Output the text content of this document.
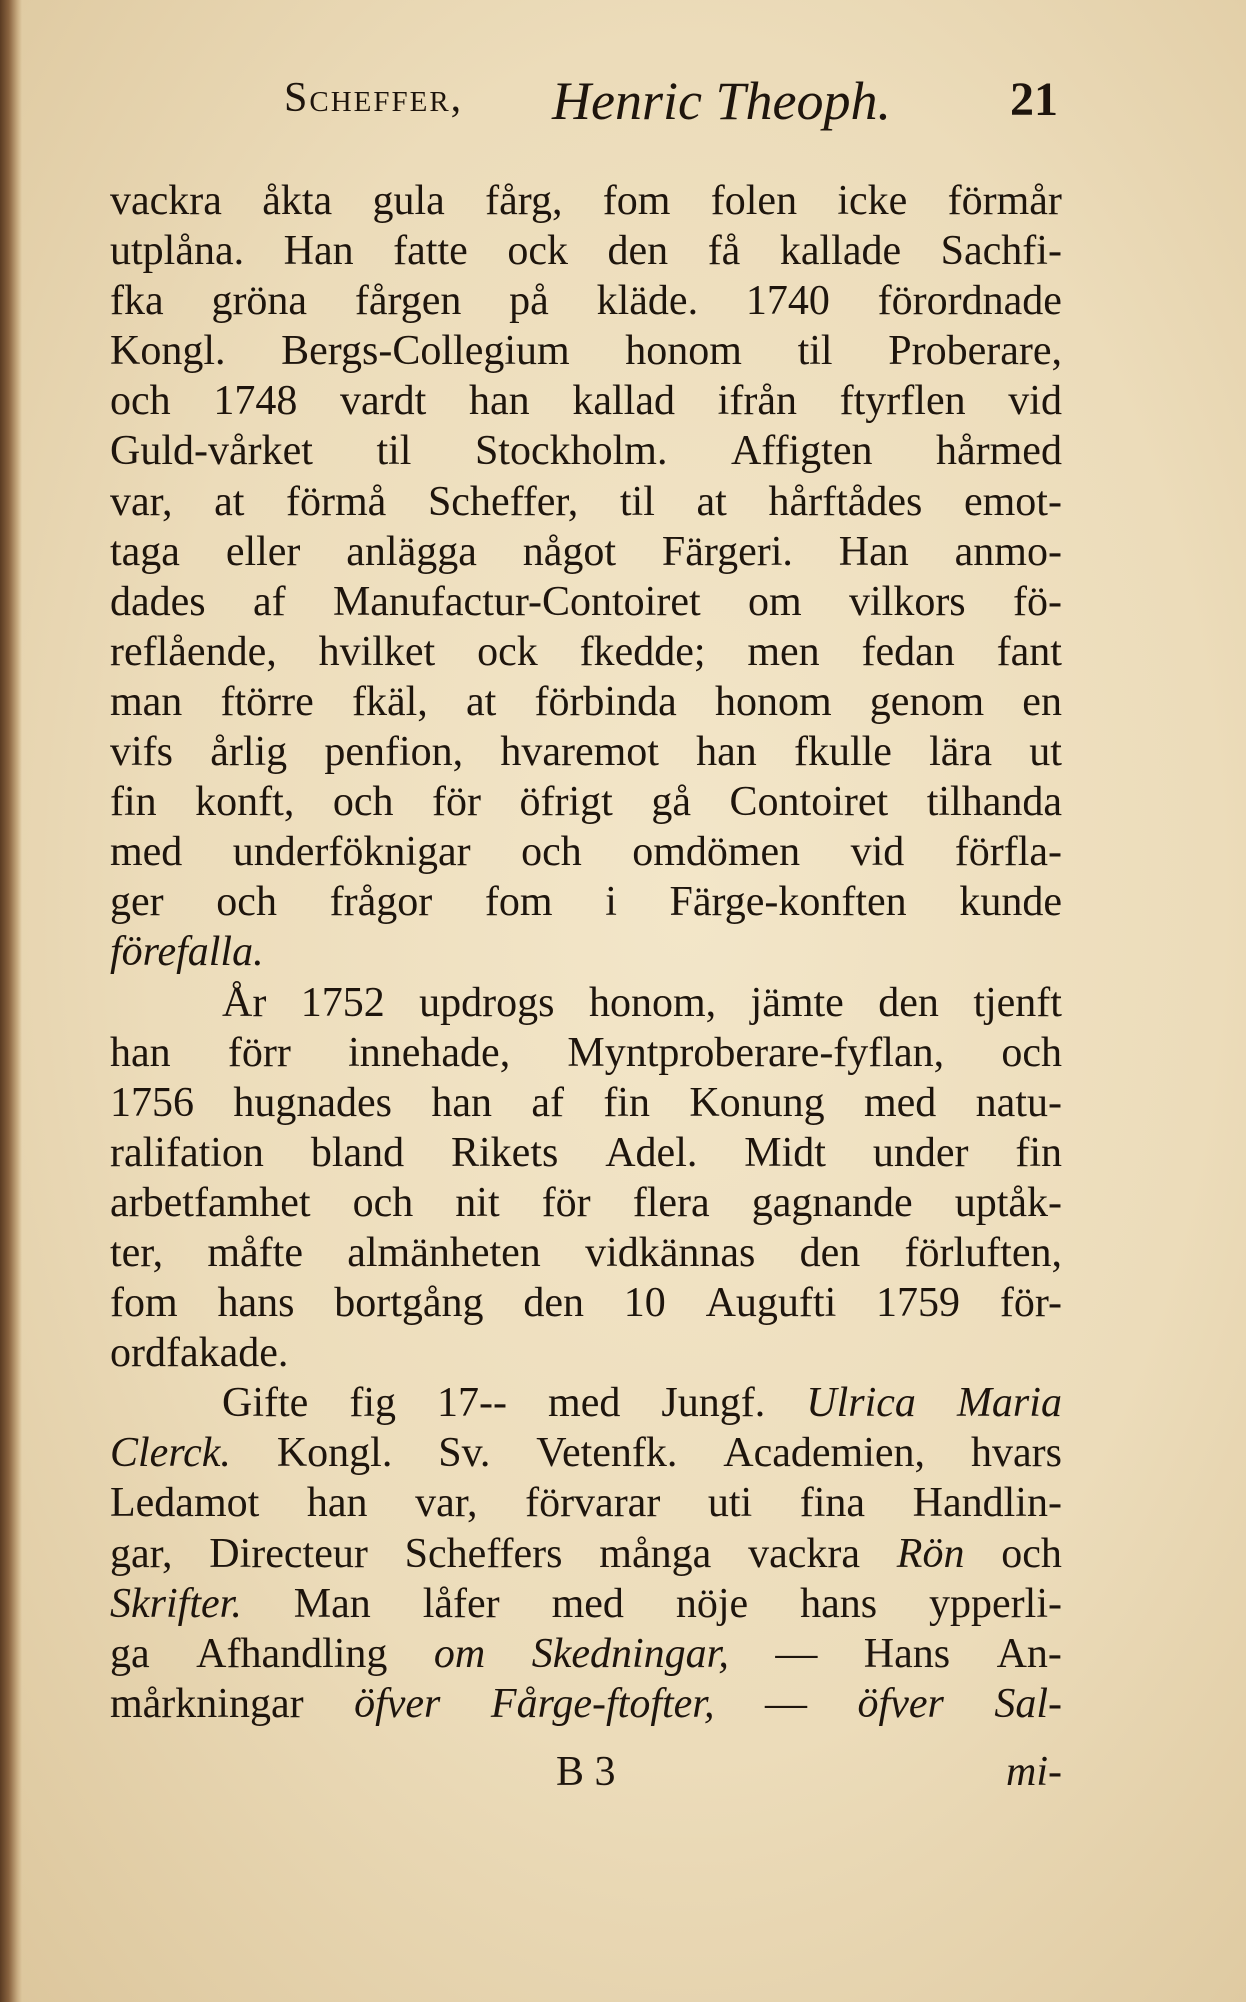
Scheffer, Henric Theoph. 21
vackra åkta gula fårg, fom folen icke förmår
utplåna. Han fatte ock den få kallade Sachfi-
fka gröna fårgen på kläde. 1740 förordnade
Kongl. Bergs-Collegium honom til Proberare,
och 1748 vardt han kallad ifrån ftyrflen vid
Guld-vårket til Stockholm. Affigten hårmed
var, at förmå Scheffer, til at hårftådes emot-
taga eller anlägga något Färgeri. Han anmo-
dades af Manufactur-Contoiret om vilkors fö-
reflående, hvilket ock fkedde; men fedan fant
man ftörre fkäl, at förbinda honom genom en
vifs årlig penfion, hvaremot han fkulle lära ut
fin konft, och för öfrigt gå Contoiret tilhanda
med underföknigar och omdömen vid förfla-
ger och frågor fom i Färge-konften kunde
förefalla.
År 1752 updrogs honom, jämte den tjenft
han förr innehade, Myntproberare-fyflan, och
1756 hugnades han af fin Konung med natu-
ralifation bland Rikets Adel. Midt under fin
arbetfamhet och nit för flera gagnande uptåk-
ter, måfte almänheten vidkännas den förluften,
fom hans bortgång den 10 Augufti 1759 för-
ordfakade.
Gifte fig 17-- med Jungf. Ulrica Maria
Clerck. Kongl. Sv. Vetenfk. Academien, hvars
Ledamot han var, förvarar uti fina Handlin-
gar, Directeur Scheffers många vackra Rön och
Skrifter. Man låfer med nöje hans ypperli-
ga Afhandling om Skedningar, — Hans An-
mårkningar öfver Fårge-ftofter, — öfver Sal-
B 3	mi-
